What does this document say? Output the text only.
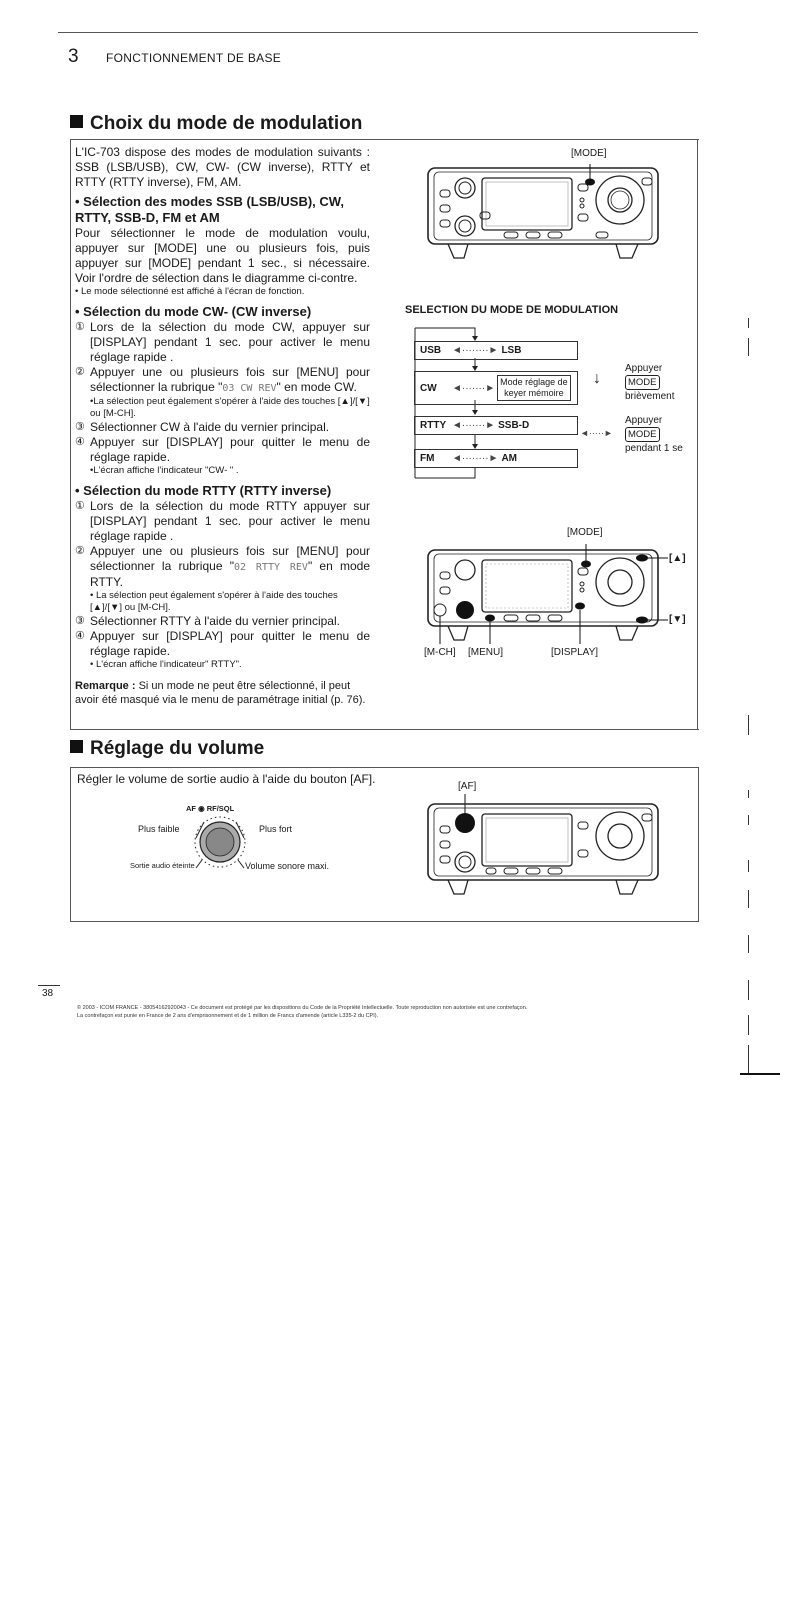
3 FONCTIONNEMENT DE BASE
Choix du mode de modulation

L'IC-703 dispose des modes de modulation suivants : SSB (LSB/USB), CW, CW- (CW inverse), RTTY et RTTY (RTTY inverse), FM, AM.

• Sélection des modes SSB (LSB/USB), CW, RTTY, SSB-D, FM et AM

Pour sélectionner le mode de modulation voulu, appuyer sur [MODE] une ou plusieurs fois, puis appuyer sur [MODE] pendant 1 sec., si nécessaire. Voir l'ordre de sélection dans le diagramme ci-contre.

• Le mode sélectionné est affiché à l'écran de fonction.

• Sélection du mode CW- (CW inverse)

① Lors de la sélection du mode CW, appuyer sur [DISPLAY] pendant 1 sec. pour activer le menu réglage rapide .
② Appuyer une ou plusieurs fois sur [MENU] pour sélectionner la rubrique "03 CW REV" en mode CW.
•La sélection peut également s'opérer à l'aide des touches [▲]/[▼] ou [M-CH].
③ Sélectionner CW à l'aide du vernier principal.
④ Appuyer sur [DISPLAY] pour quitter le menu de réglage rapide.
•L'écran affiche l'indicateur "CW- " .

• Sélection du mode RTTY (RTTY inverse)

① Lors de la sélection du mode RTTY appuyer sur [DISPLAY] pendant 1 sec. pour activer le menu réglage rapide .
② Appuyer une ou plusieurs fois sur [MENU] pour sélectionner la rubrique "02 RTTY REV" en mode RTTY.
• La sélection peut également s'opérer à l'aide des touches [▲]/[▼] ou [M-CH].
③ Sélectionner RTTY à l'aide du vernier principal.
④ Appuyer sur [DISPLAY] pour quitter le menu de réglage rapide.
• L'écran affiche l'indicateur" RTTY".

Remarque : Si un mode ne peut être sélectionné, il peut avoir été masqué via le menu de paramétrage initial (p. 76).

[MODE]
SELECTION DU MODE DE MODULATION
USB	◄········► LSB
CW	◄·······►
Mode réglage de
keyer mémoire
RTTY ◄·······► SSB-D
FM	◄········► AM
↓
Appuyer
MODE
brièvement
◄·····►
Appuyer
MODE
pendant 1 se
[MODE]
[▲]
[▼]
[M-CH] [MENU]	[DISPLAY]
Réglage du volume
Régler le volume de sortie audio à l'aide du bouton [AF].
AF ◉ RF/SQL
Plus faible	Plus fort
Sortie audio éteinte	Volume sonore maxi.
[AF]
38
© 2003 - ICOM FRANCE - 38054162920043 - Ce document est protégé par les dispositions du Code de la Propriété Intellectuelle. Toute reproduction non autorisée est une contrefaçon.
La contrefaçon est punie en France de 2 ans d'emprisonnement et de 1 million de Francs d'amende (article L335-2 du CPI).
